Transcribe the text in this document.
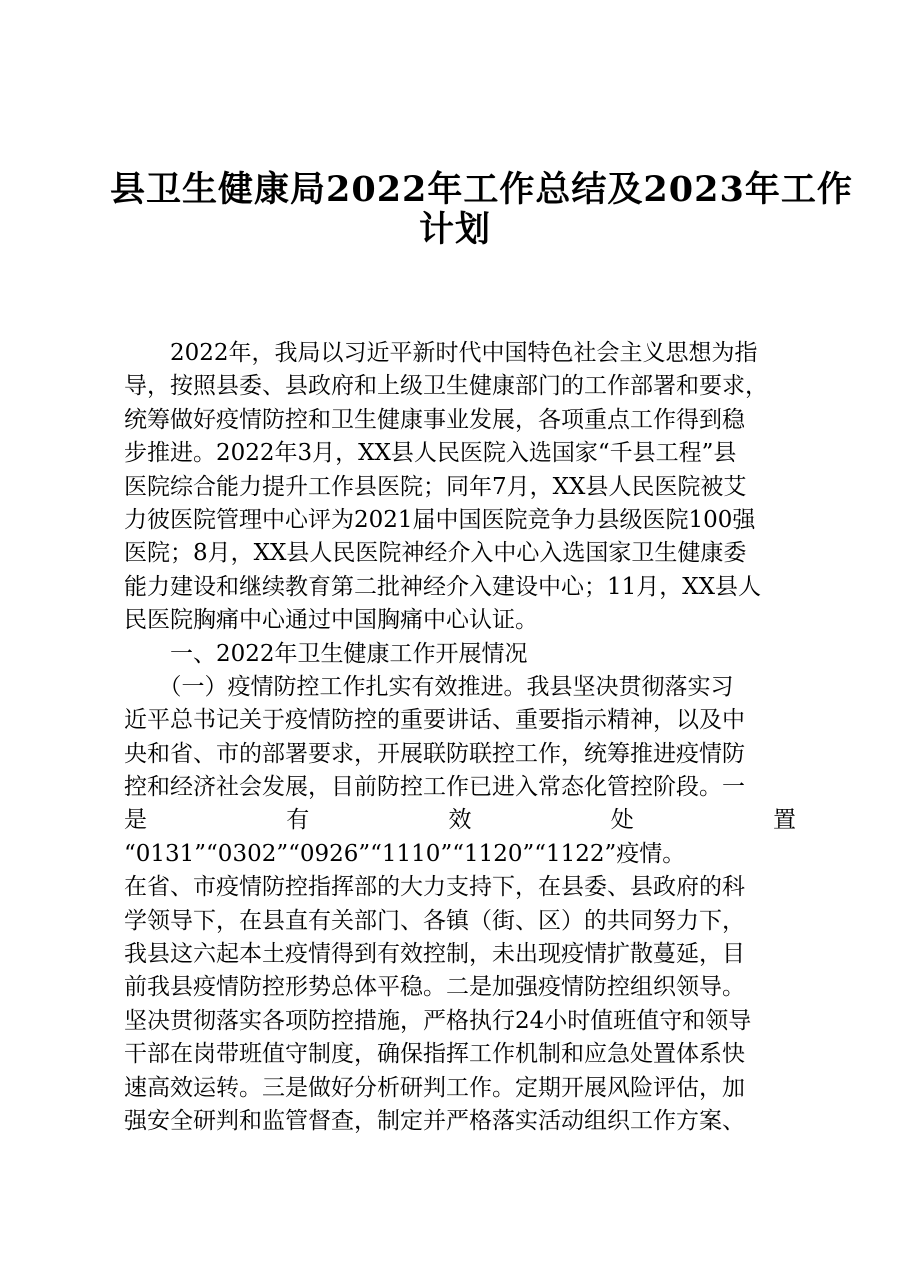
县卫生健康局2022年工作总结及2023年工作
计划
　　2022年，我局以习近平新时代中国特色社会主义思想为指
导，按照县委、县政府和上级卫生健康部门的工作部署和要求，
统筹做好疫情防控和卫生健康事业发展，各项重点工作得到稳
步推进。2022年3月，XX县人民医院入选国家“千县工程”县
医院综合能力提升工作县医院；同年7月，XX县人民医院被艾
力彼医院管理中心评为2021届中国医院竞争力县级医院100强
医院；8月，XX县人民医院神经介入中心入选国家卫生健康委
能力建设和继续教育第二批神经介入建设中心；11月，XX县人
民医院胸痛中心通过中国胸痛中心认证。
　　一、2022年卫生健康工作开展情况
　　（一）疫情防控工作扎实有效推进。我县坚决贯彻落实习
近平总书记关于疫情防控的重要讲话、重要指示精神，以及中
央和省、市的部署要求，开展联防联控工作，统筹推进疫情防
控和经济社会发展，目前防控工作已进入常态化管控阶段。一
是	有	效	处	置
“0131”“0302”“0926”“1110”“1120”“1122”疫情。
在省、市疫情防控指挥部的大力支持下，在县委、县政府的科
学领导下，在县直有关部门、各镇（街、区）的共同努力下，
我县这六起本土疫情得到有效控制，未出现疫情扩散蔓延，目
前我县疫情防控形势总体平稳。二是加强疫情防控组织领导。
坚决贯彻落实各项防控措施，严格执行24小时值班值守和领导
干部在岗带班值守制度，确保指挥工作机制和应急处置体系快
速高效运转。三是做好分析研判工作。定期开展风险评估，加
强安全研判和监管督查，制定并严格落实活动组织工作方案、
